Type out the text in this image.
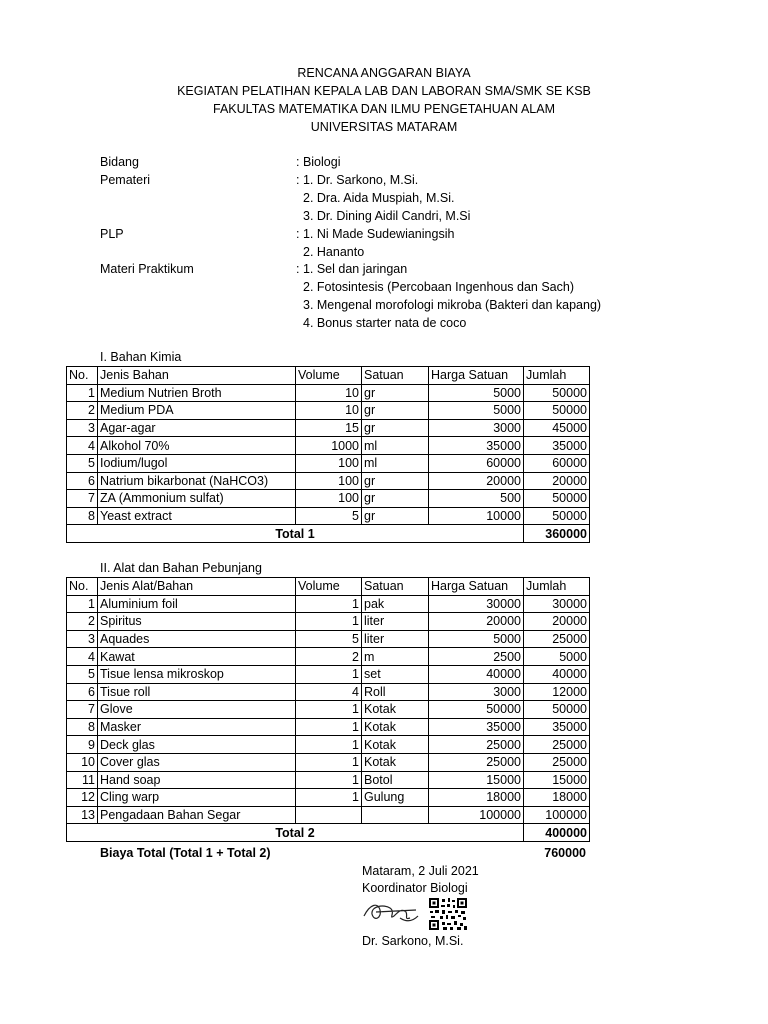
RENCANA ANGGARAN BIAYA
KEGIATAN PELATIHAN KEPALA LAB DAN LABORAN SMA/SMK SE KSB
FAKULTAS MATEMATIKA DAN ILMU PENGETAHUAN ALAM
UNIVERSITAS MATARAM
Bidang	: Biologi
Pemateri	: 1. Dr. Sarkono, M.Si.
2. Dra. Aida Muspiah, M.Si.
3. Dr. Dining Aidil Candri, M.Si
PLP	: 1. Ni Made Sudewianingsih
2. Hananto
Materi Praktikum	: 1. Sel dan jaringan
2. Fotosintesis (Percobaan Ingenhous dan Sach)
3. Mengenal morofologi mikroba (Bakteri dan kapang)
4. Bonus starter nata de coco
I. Bahan Kimia
No.	Jenis Bahan	Volume	Satuan	Harga Satuan	Jumlah
1	Medium Nutrien Broth	10	gr	5000	50000
2	Medium PDA	10	gr	5000	50000
3	Agar-agar	15	gr	3000	45000
4	Alkohol 70%	1000	ml	35000	35000
5	Iodium/lugol	100	ml	60000	60000
6	Natrium bikarbonat (NaHCO3)	100	gr	20000	20000
7	ZA (Ammonium sulfat)	100	gr	500	50000
8	Yeast extract	5	gr	10000	50000
Total 1					360000
II. Alat dan Bahan Pebunjang
No.	Jenis Alat/Bahan	Volume	Satuan	Harga Satuan	Jumlah
1	Aluminium foil	1	pak	30000	30000
2	Spiritus	1	liter	20000	20000
3	Aquades	5	liter	5000	25000
4	Kawat	2	m	2500	5000
5	Tisue lensa mikroskop	1	set	40000	40000
6	Tisue roll	4	Roll	3000	12000
7	Glove	1	Kotak	50000	50000
8	Masker	1	Kotak	35000	35000
9	Deck glas	1	Kotak	25000	25000
10	Cover glas	1	Kotak	25000	25000
11	Hand soap	1	Botol	15000	15000
12	Cling warp	1	Gulung	18000	18000
13	Pengadaan Bahan Segar			100000	100000
Total 2					400000
Biaya Total (Total 1 + Total 2)	760000
Mataram, 2 Juli 2021
Koordinator Biologi
Dr. Sarkono, M.Si.
